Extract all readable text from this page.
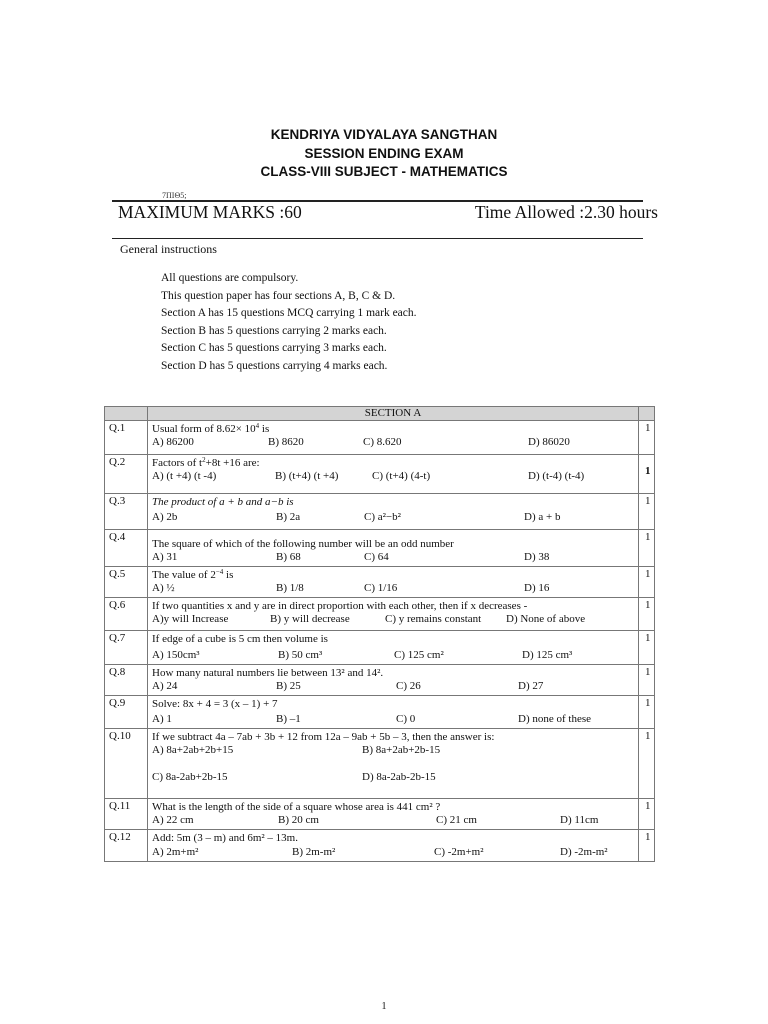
KENDRIYA VIDYALAYA SANGTHAN
SESSION ENDING EXAM
CLASS-VIII SUBJECT - MATHEMATICS
7ΠΙΘ5;
MAXIMUM MARKS :60	Time Allowed :2.30 hours
General instructions
All questions are compulsory.
This question paper has four sections A, B, C & D.
Section A has 15 questions MCQ carrying 1 mark each.
Section B has 5 questions carrying 2 marks each.
Section C has 5 questions carrying 3 marks each.
Section D has 5 questions carrying 4 marks each.
	SECTION A	
Q.1	Usual form of $8.62\times 10^4$ is
A) 86200 B) 8620 C) 8.620 D) 86020	1
Q.2	Factors of $t^2+8t +16$ are:
A) (t +4) (t -4) B) (t+4) (t +4) C) (t+4) (4-t) D) (t-4) (t-4)	1
Q.3	The product of a + b and a−b is
A) 2b B) 2a C) a²−b² D) a + b	1
Q.4	The square of which of the following number will be an odd number
A) 31 B) 68 C) 64 D) 38	1
Q.5	The value of $2^{-4}$ is
A) ½ B) 1/8 C) 1/16 D) 16	1
Q.6	If two quantities x and y are in direct proportion with each other, then if x decreases -
A)y will Increase B) y will decrease C) y remains constant D) None of above	1
Q.7	If edge of a cube is 5 cm then volume is
A) 150cm³ B) 50 cm³ C) 125 cm² D) 125 cm³	1
Q.8	How many natural numbers lie between 13² and 14².
A) 24 B) 25 C) 26 D) 27	1
Q.9	Solve: 8x + 4 = 3 (x – 1) + 7
A) 1 B) –1 C) 0 D) none of these	1
Q.10	If we subtract 4a – 7ab + 3b + 12 from 12a – 9ab + 5b – 3, then the answer is:
A) 8a+2ab+2b+15 B) 8a+2ab+2b-15
C) 8a-2ab+2b-15 D) 8a-2ab-2b-15	1
Q.11	What is the length of the side of a square whose area is 441 cm² ?
A) 22 cm B) 20 cm C) 21 cm D) 11cm	1
Q.12	Add: 5m (3 – m) and 6m² – 13m.
A) 2m+m² B) 2m-m² C) -2m+m² D) -2m-m²	1
1
